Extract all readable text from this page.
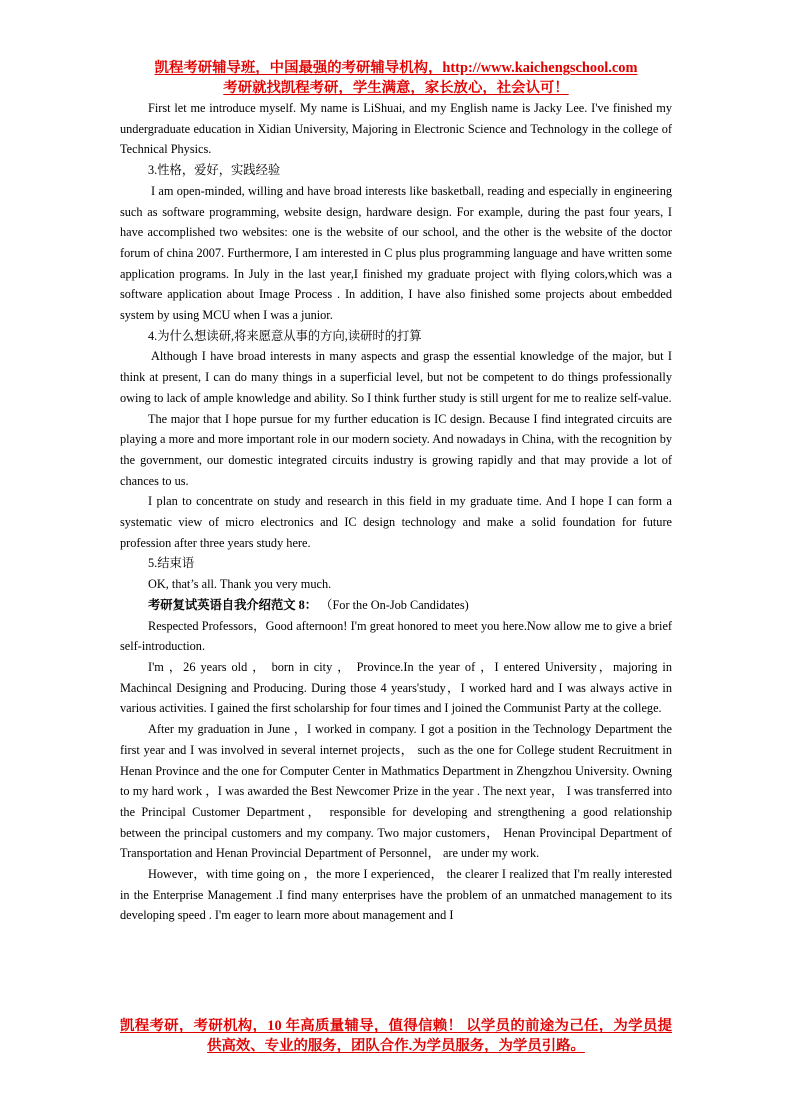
凯程考研辅导班，中国最强的考研辅导机构，http://www.kaichengschool.com
考研就找凯程考研，学生满意，家长放心，社会认可！

First let me introduce myself. My name is LiShuai, and my English name is Jacky Lee. I've finished my undergraduate education in Xidian University, Majoring in Electronic Science and Technology in the college of Technical Physics.

3.性格，爱好，实践经验

I am open-minded, willing and have broad interests like basketball, reading and especially in engineering such as software programming, website design, hardware design. For example, during the past four years, I have accomplished two websites: one is the website of our school, and the other is the website of the doctor forum of china 2007. Furthermore, I am interested in C plus plus programming language and have written some application programs. In July in the last year,I finished my graduate project with flying colors,which was a software application about Image Process . In addition, I have also finished some projects about embedded system by using MCU when I was a junior.

4.为什么想读研,将来愿意从事的方向,读研时的打算

Although I have broad interests in many aspects and grasp the essential knowledge of the major, but I think at present, I can do many things in a superficial level, but not be competent to do things professionally owing to lack of ample knowledge and ability. So I think further study is still urgent for me to realize self-value.

The major that I hope pursue for my further education is IC design. Because I find integrated circuits are playing a more and more important role in our modern society. And nowadays in China, with the recognition by the government, our domestic integrated circuits industry is growing rapidly and that may provide a lot of chances to us.

I plan to concentrate on study and research in this field in my graduate time. And I hope I can form a systematic view of micro electronics and IC design technology and make a solid foundation for future profession after three years study here.

5.结束语

OK, that’s all. Thank you very much.

考研复试英语自我介绍范文 8： （For the On-Job Candidates)

Respected Professors，Good afternoon! I'm great honored to meet you here.Now allow me to give a brief self-introduction.

I'm ，26 years old ， born in city ， Province.In the year of ，I entered University，majoring in Machincal Designing and Producing. During those 4 years'study，I worked hard and I was always active in various activities. I gained the first scholarship for four times and I joined the Communist Party at the college.

After my graduation in June ，I worked in company. I got a position in the Technology Department the first year and I was involved in several internet projects， such as the one for College student Recruitment in Henan Province and the one for Computer Center in Mathmatics Department in Zhengzhou University. Owning to my hard work ，I was awarded the Best Newcomer Prize in the year . The next year， I was transferred into the Principal Customer Department， responsible for developing and strengthening a good relationship between the principal customers and my company. Two major customers， Henan Provincipal Department of Transportation and Henan Provincial Department of Personnel， are under my work.

However，with time going on ，the more I experienced， the clearer I realized that I'm really interested in the Enterprise Management .I find many enterprises have the problem of an unmatched management to its developing speed . I'm eager to learn more about management and I

凯程考研，考研机构，10 年高质量辅导，值得信赖！ 以学员的前途为己任，为学员提供高效、专业的服务，团队合作.为学员服务，为学员引路。
